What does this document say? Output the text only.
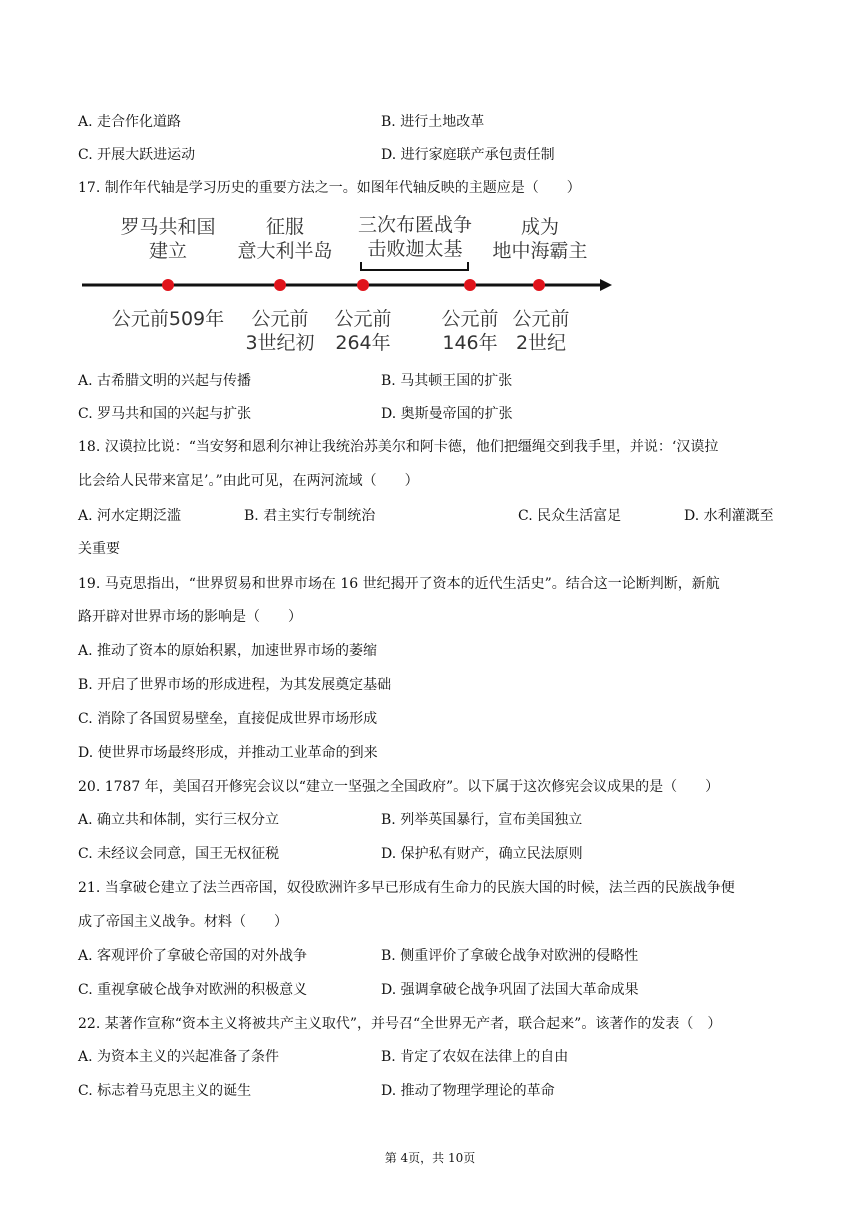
A. 走合作化道路	B. 进行土地改革
C. 开展大跃进运动	D. 进行家庭联产承包责任制
17. 制作年代轴是学习历史的重要方法之一。如图年代轴反映的主题应是（　　）
罗马共和国
建立
征服
意大利半岛
三次布匿战争
击败迦太基
成为
地中海霸主
公元前509年	公元前
3世纪初
公元前
264年
公元前
146年
公元前
2世纪
A. 古希腊文明的兴起与传播	B. 马其顿王国的扩张
C. 罗马共和国的兴起与扩张	D. 奥斯曼帝国的扩张
18. 汉谟拉比说：“当安努和恩利尔神让我统治苏美尔和阿卡德，他们把缰绳交到我手里，并说：‘汉谟拉
比会给人民带来富足’。”由此可见，在两河流域（　　）
A. 河水定期泛滥	B. 君主实行专制统治	C. 民众生活富足	D. 水利灌溉至
关重要
19. 马克思指出，“世界贸易和世界市场在 16 世纪揭开了资本的近代生活史”。结合这一论断判断，新航
路开辟对世界市场的影响是（　　）
A. 推动了资本的原始积累，加速世界市场的萎缩
B. 开启了世界市场的形成进程，为其发展奠定基础
C. 消除了各国贸易壁垒，直接促成世界市场形成
D. 使世界市场最终形成，并推动工业革命的到来
20. 1787 年，美国召开修宪会议以“建立一坚强之全国政府”。以下属于这次修宪会议成果的是（　　）
A. 确立共和体制，实行三权分立	B. 列举英国暴行，宣布美国独立
C. 未经议会同意，国王无权征税	D. 保护私有财产，确立民法原则
21. 当拿破仑建立了法兰西帝国，奴役欧洲许多早已形成有生命力的民族大国的时候，法兰西的民族战争便
成了帝国主义战争。材料（　　）
A. 客观评价了拿破仑帝国的对外战争	B. 侧重评价了拿破仑战争对欧洲的侵略性
C. 重视拿破仑战争对欧洲的积极意义	D. 强调拿破仑战争巩固了法国大革命成果
22. 某著作宣称“资本主义将被共产主义取代”，并号召“全世界无产者，联合起来”。该著作的发表（　）
A. 为资本主义的兴起准备了条件	B. 肯定了农奴在法律上的自由
C. 标志着马克思主义的诞生	D. 推动了物理学理论的革命
第 4页，共 10页
